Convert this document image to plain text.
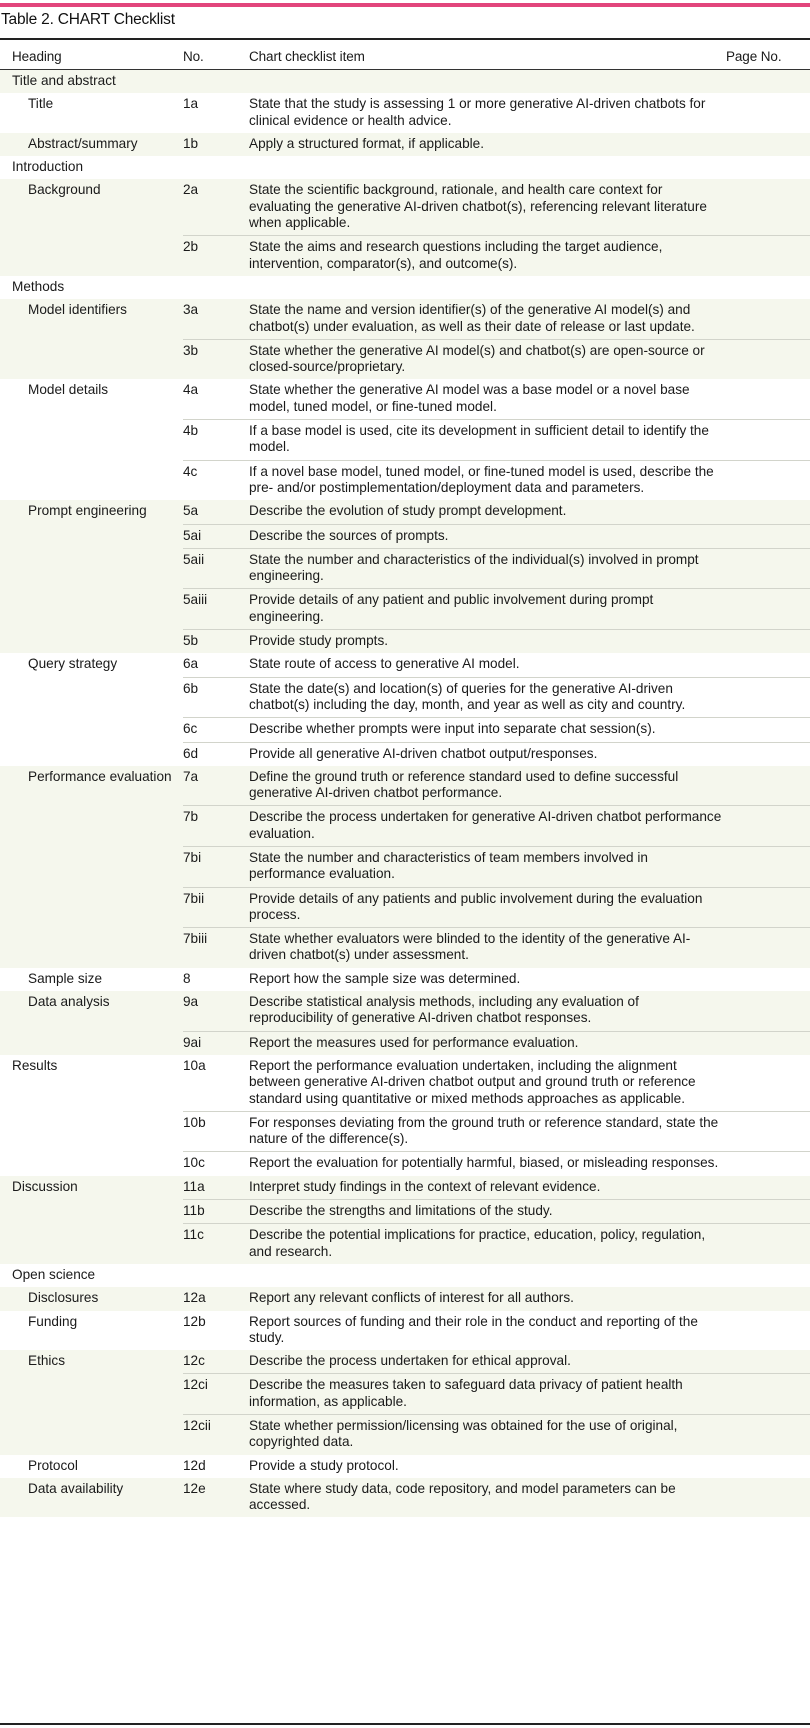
Table 2. CHART Checklist
Heading	No.	Chart checklist item	Page No.
Title and abstract			
Title	1a	State that the study is assessing 1 or more generative AI-driven chatbots for clinical evidence or health advice.	
Abstract/summary	1b	Apply a structured format, if applicable.	
Introduction			
Background	2a	State the scientific background, rationale, and health care context for evaluating the generative AI-driven chatbot(s), referencing relevant literature when applicable.	
	2b	State the aims and research questions including the target audience, intervention, comparator(s), and outcome(s).	
Methods			
Model identifiers	3a	State the name and version identifier(s) of the generative AI model(s) and chatbot(s) under evaluation, as well as their date of release or last update.	
	3b	State whether the generative AI model(s) and chatbot(s) are open-source or closed-source/proprietary.	
Model details	4a	State whether the generative AI model was a base model or a novel base model, tuned model, or fine-tuned model.	
	4b	If a base model is used, cite its development in sufficient detail to identify the model.	
	4c	If a novel base model, tuned model, or fine-tuned model is used, describe the pre- and/or postimplementation/deployment data and parameters.	
Prompt engineering	5a	Describe the evolution of study prompt development.	
	5ai	Describe the sources of prompts.	
	5aii	State the number and characteristics of the individual(s) involved in prompt engineering.	
	5aiii	Provide details of any patient and public involvement during prompt engineering.	
	5b	Provide study prompts.	
Query strategy	6a	State route of access to generative AI model.	
	6b	State the date(s) and location(s) of queries for the generative AI-driven chatbot(s) including the day, month, and year as well as city and country.	
	6c	Describe whether prompts were input into separate chat session(s).	
	6d	Provide all generative AI-driven chatbot output/responses.	
Performance evaluation	7a	Define the ground truth or reference standard used to define successful generative AI-driven chatbot performance.	
	7b	Describe the process undertaken for generative AI-driven chatbot performance evaluation.	
	7bi	State the number and characteristics of team members involved in performance evaluation.	
	7bii	Provide details of any patients and public involvement during the evaluation process.	
	7biii	State whether evaluators were blinded to the identity of the generative AI-driven chatbot(s) under assessment.	
Sample size	8	Report how the sample size was determined.	
Data analysis	9a	Describe statistical analysis methods, including any evaluation of reproducibility of generative AI-driven chatbot responses.	
	9ai	Report the measures used for performance evaluation.	
Results	10a	Report the performance evaluation undertaken, including the alignment between generative AI-driven chatbot output and ground truth or reference standard using quantitative or mixed methods approaches as applicable.	
	10b	For responses deviating from the ground truth or reference standard, state the nature of the difference(s).	
	10c	Report the evaluation for potentially harmful, biased, or misleading responses.	
Discussion	11a	Interpret study findings in the context of relevant evidence.	
	11b	Describe the strengths and limitations of the study.	
	11c	Describe the potential implications for practice, education, policy, regulation, and research.	
Open science			
Disclosures	12a	Report any relevant conflicts of interest for all authors.	
Funding	12b	Report sources of funding and their role in the conduct and reporting of the study.	
Ethics	12c	Describe the process undertaken for ethical approval.	
	12ci	Describe the measures taken to safeguard data privacy of patient health information, as applicable.	
	12cii	State whether permission/licensing was obtained for the use of original, copyrighted data.	
Protocol	12d	Provide a study protocol.	
Data availability	12e	State where study data, code repository, and model parameters can be accessed.	
